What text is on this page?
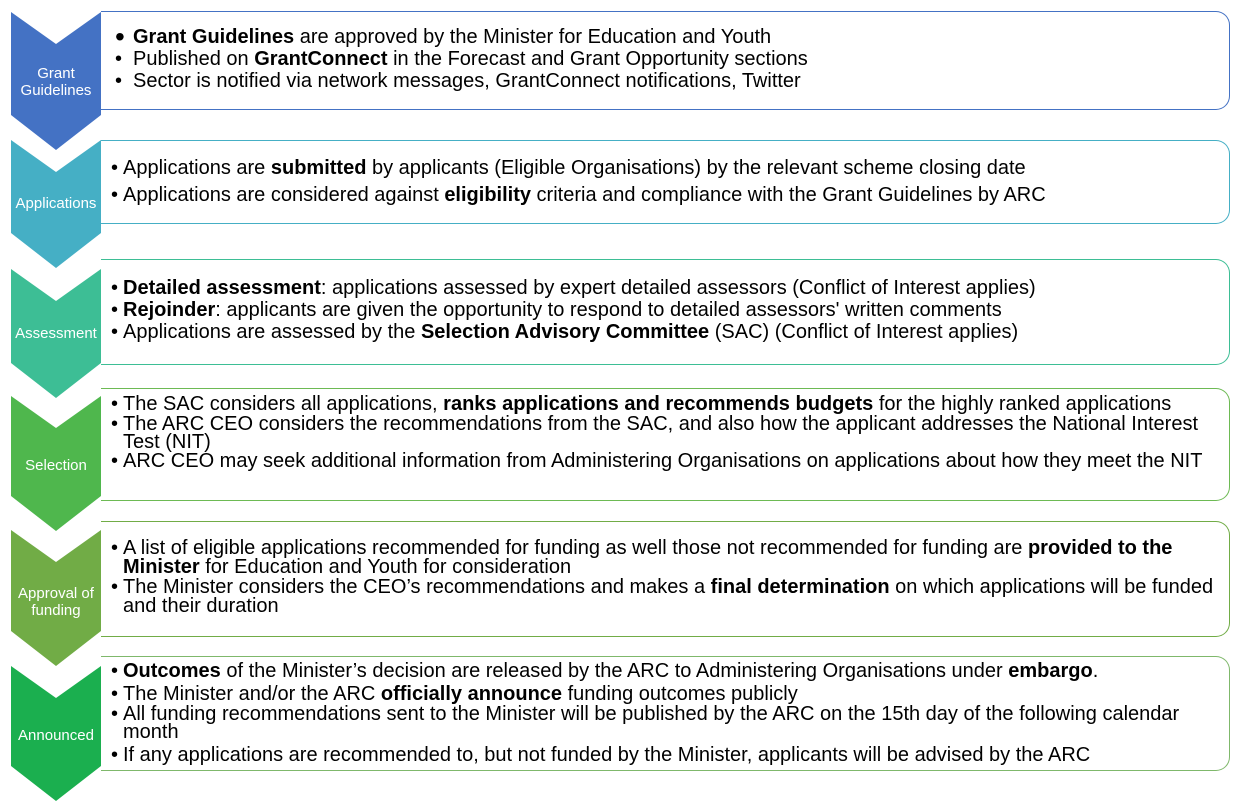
Grant Guidelines
Applications
Assessment
Selection
Approval of funding
Announced
• Grant Guidelines are approved by the Minister for Education and Youth
• Published on GrantConnect in the Forecast and Grant Opportunity sections
• Sector is notified via network messages, GrantConnect notifications, Twitter
• Applications are submitted by applicants (Eligible Organisations) by the relevant scheme closing date
• Applications are considered against eligibility criteria and compliance with the Grant Guidelines by ARC
• Detailed assessment: applications assessed by expert detailed assessors (Conflict of Interest applies)
• Rejoinder: applicants are given the opportunity to respond to detailed assessors' written comments
• Applications are assessed by the Selection Advisory Committee (SAC) (Conflict of Interest applies)
• The SAC considers all applications, ranks applications and recommends budgets for the highly ranked applications
• The ARC CEO considers the recommendations from the SAC, and also how the applicant addresses the National Interest Test (NIT)
• ARC CEO may seek additional information from Administering Organisations on applications about how they meet the NIT
• A list of eligible applications recommended for funding as well those not recommended for funding are provided to the Minister for Education and Youth for consideration
• The Minister considers the CEO’s recommendations and makes a final determination on which applications will be funded and their duration
• Outcomes of the Minister’s decision are released by the ARC to Administering Organisations under embargo.
• The Minister and/or the ARC officially announce funding outcomes publicly
• All funding recommendations sent to the Minister will be published by the ARC on the 15th day of the following calendar month
• If any applications are recommended to, but not funded by the Minister, applicants will be advised by the ARC
